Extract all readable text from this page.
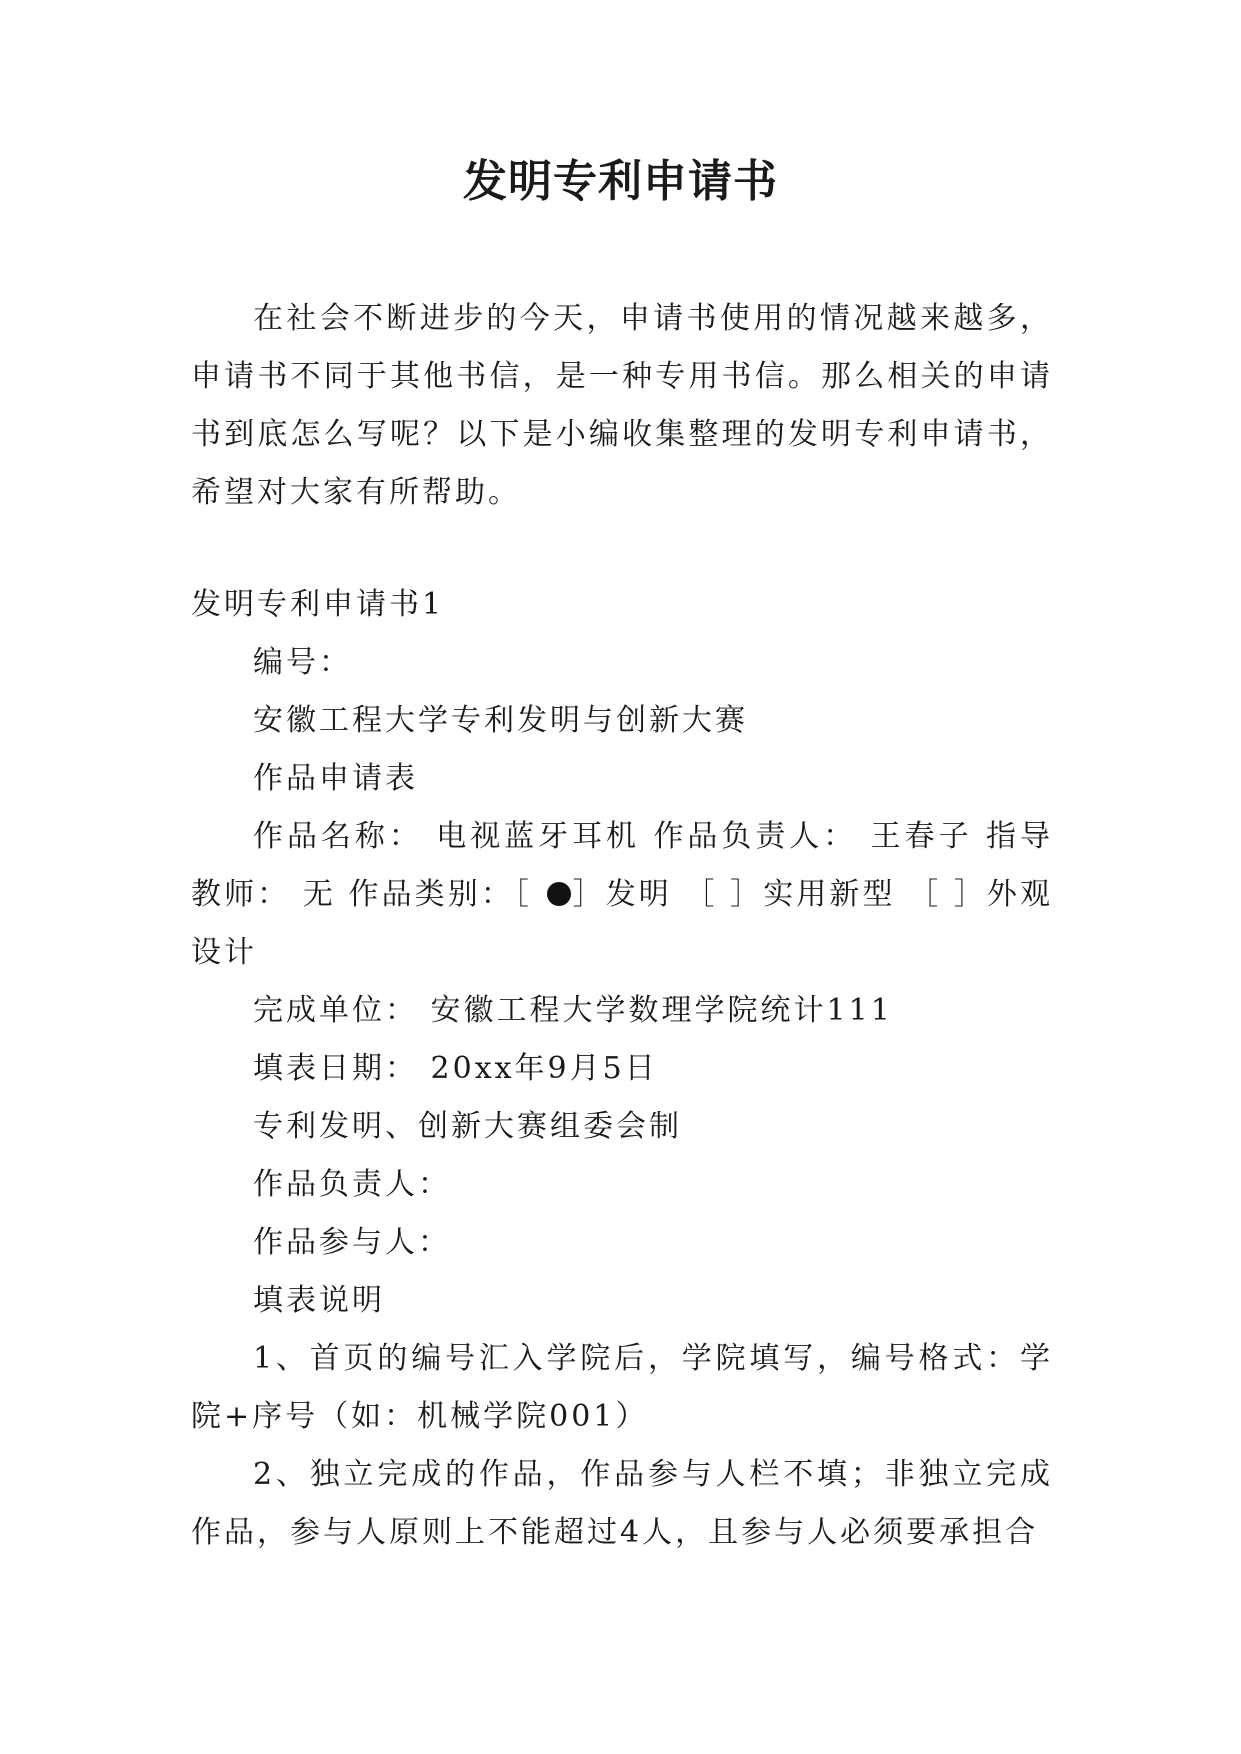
发明专利申请书

在社会不断进步的今天，申请书使用的情况越来越多，申请书不同于其他书信，是一种专用书信。那么相关的申请书到底怎么写呢？以下是小编收集整理的发明专利申请书，希望对大家有所帮助。

发明专利申请书1

编号：

安徽工程大学专利发明与创新大赛

作品申请表

作品名称： 电视蓝牙耳机 作品负责人： 王春子 指导教师： 无 作品类别：［ ］发明 ［ ］实用新型 ［ ］外观设计

完成单位： 安徽工程大学数理学院统计111

填表日期： 20xx年9月5日

专利发明、创新大赛组委会制

作品负责人：

作品参与人：

填表说明

1、首页的编号汇入学院后，学院填写，编号格式：学院+序号（如：机械学院001）

2、独立完成的作品，作品参与人栏不填；非独立完成作品，参与人原则上不能超过4人，且参与人必须要承担合
